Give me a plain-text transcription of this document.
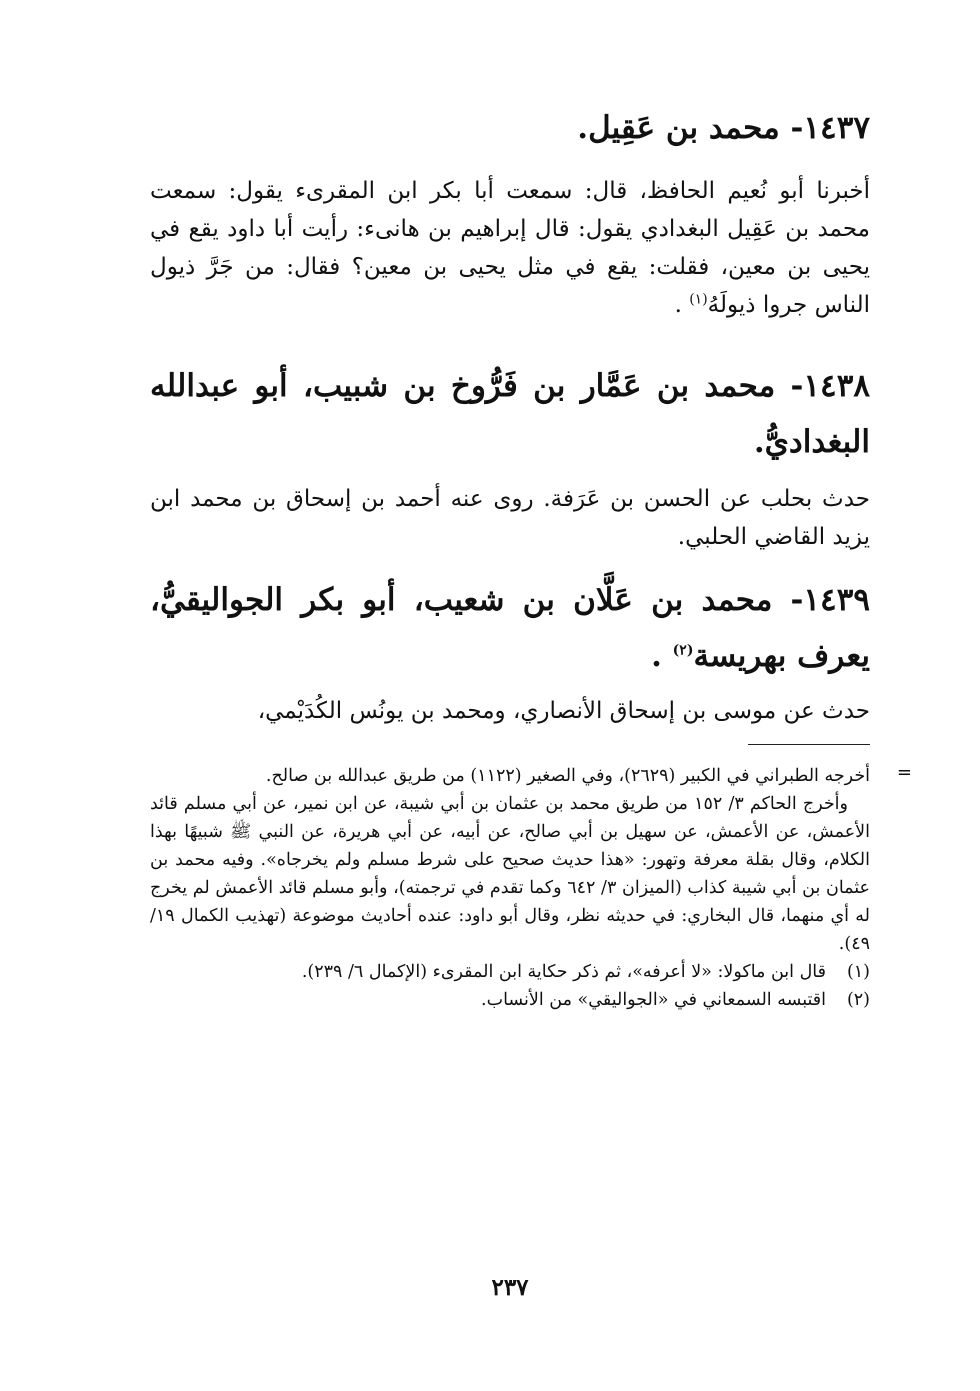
١٤٣٧- محمد بن عَقِيل.

أخبرنا أبو نُعيم الحافظ، قال: سمعت أبا بكر ابن المقرىء يقول: سمعت محمد بن عَقِيل البغدادي يقول: قال إبراهيم بن هانىء: رأيت أبا داود يقع في يحيى بن معين، فقلت: يقع في مثل يحيى بن معين؟ فقال: من جَرَّ ذيول الناس جروا ذيولَهُ$^{(١)}$ .

١٤٣٨- محمد بن عَمَّار بن فَرُّوخ بن شبيب، أبو عبدالله البغداديُّ.

حدث بحلب عن الحسن بن عَرَفة. روى عنه أحمد بن إسحاق بن محمد ابن يزيد القاضي الحلبي.

١٤٣٩- محمد بن عَلَّان بن شعيب، أبو بكر الجواليقيُّ، يعرف بهريسة$^{(٢)}$ .

حدث عن موسى بن إسحاق الأنصاري، ومحمد بن يونُس الكُدَيْمي،

=

أخرجه الطبراني في الكبير (٢٦٢٩)، وفي الصغير (١١٢٢) من طريق عبدالله بن صالح.

وأخرج الحاكم ٣/ ١٥٢ من طريق محمد بن عثمان بن أبي شيبة، عن ابن نمير، عن أبي مسلم قائد الأعمش، عن الأعمش، عن سهيل بن أبي صالح، عن أبيه، عن أبي هريرة، عن النبي ﷺ شبيهًا بهذا الكلام، وقال بقلة معرفة وتهور: «هذا حديث صحيح على شرط مسلم ولم يخرجاه». وفيه محمد بن عثمان بن أبي شيبة كذاب (الميزان ٣/ ٦٤٢ وكما تقدم في ترجمته)، وأبو مسلم قائد الأعمش لم يخرج له أي منهما، قال البخاري: في حديثه نظر، وقال أبو داود: عنده أحاديث موضوعة (تهذيب الكمال ١٩/ ٤٩).

(١)
قال ابن ماكولا: «لا أعرفه»، ثم ذكر حكاية ابن المقرىء (الإكمال ٦/ ٢٣٩).
(٢)
اقتبسه السمعاني في «الجواليقي» من الأنساب.
٢٣٧
